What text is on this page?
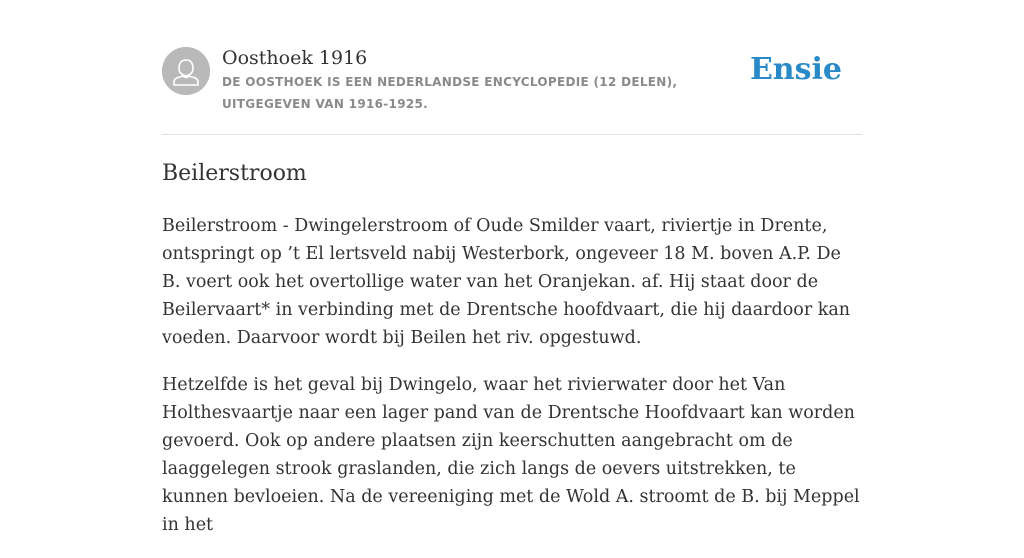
Oosthoek 1916
DE OOSTHOEK IS EEN NEDERLANDSE ENCYCLOPEDIE (12 DELEN), UITGEGEVEN VAN 1916-1925.
Ensie
Beilerstroom

Beilerstroom - Dwingelerstroom of Oude Smilder vaart, riviertje in Drente, ontspringt op ’t El lertsveld nabij Westerbork, ongeveer 18 M. boven A.P. De B. voert ook het overtollige water van het Oranjekan. af. Hij staat door de Beilervaart* in verbinding met de Drentsche hoofdvaart, die hij daardoor kan voeden. Daarvoor wordt bij Beilen het riv. opgestuwd.

Hetzelfde is het geval bij Dwingelo, waar het rivierwater door het Van Holthesvaartje naar een lager pand van de Drentsche Hoofdvaart kan worden gevoerd. Ook op andere plaatsen zijn keerschutten aangebracht om de laaggelegen strook graslanden, die zich langs de oevers uitstrekken, te kunnen bevloeien. Na de vereeniging met de Wold A. stroomt de B. bij Meppel in het
